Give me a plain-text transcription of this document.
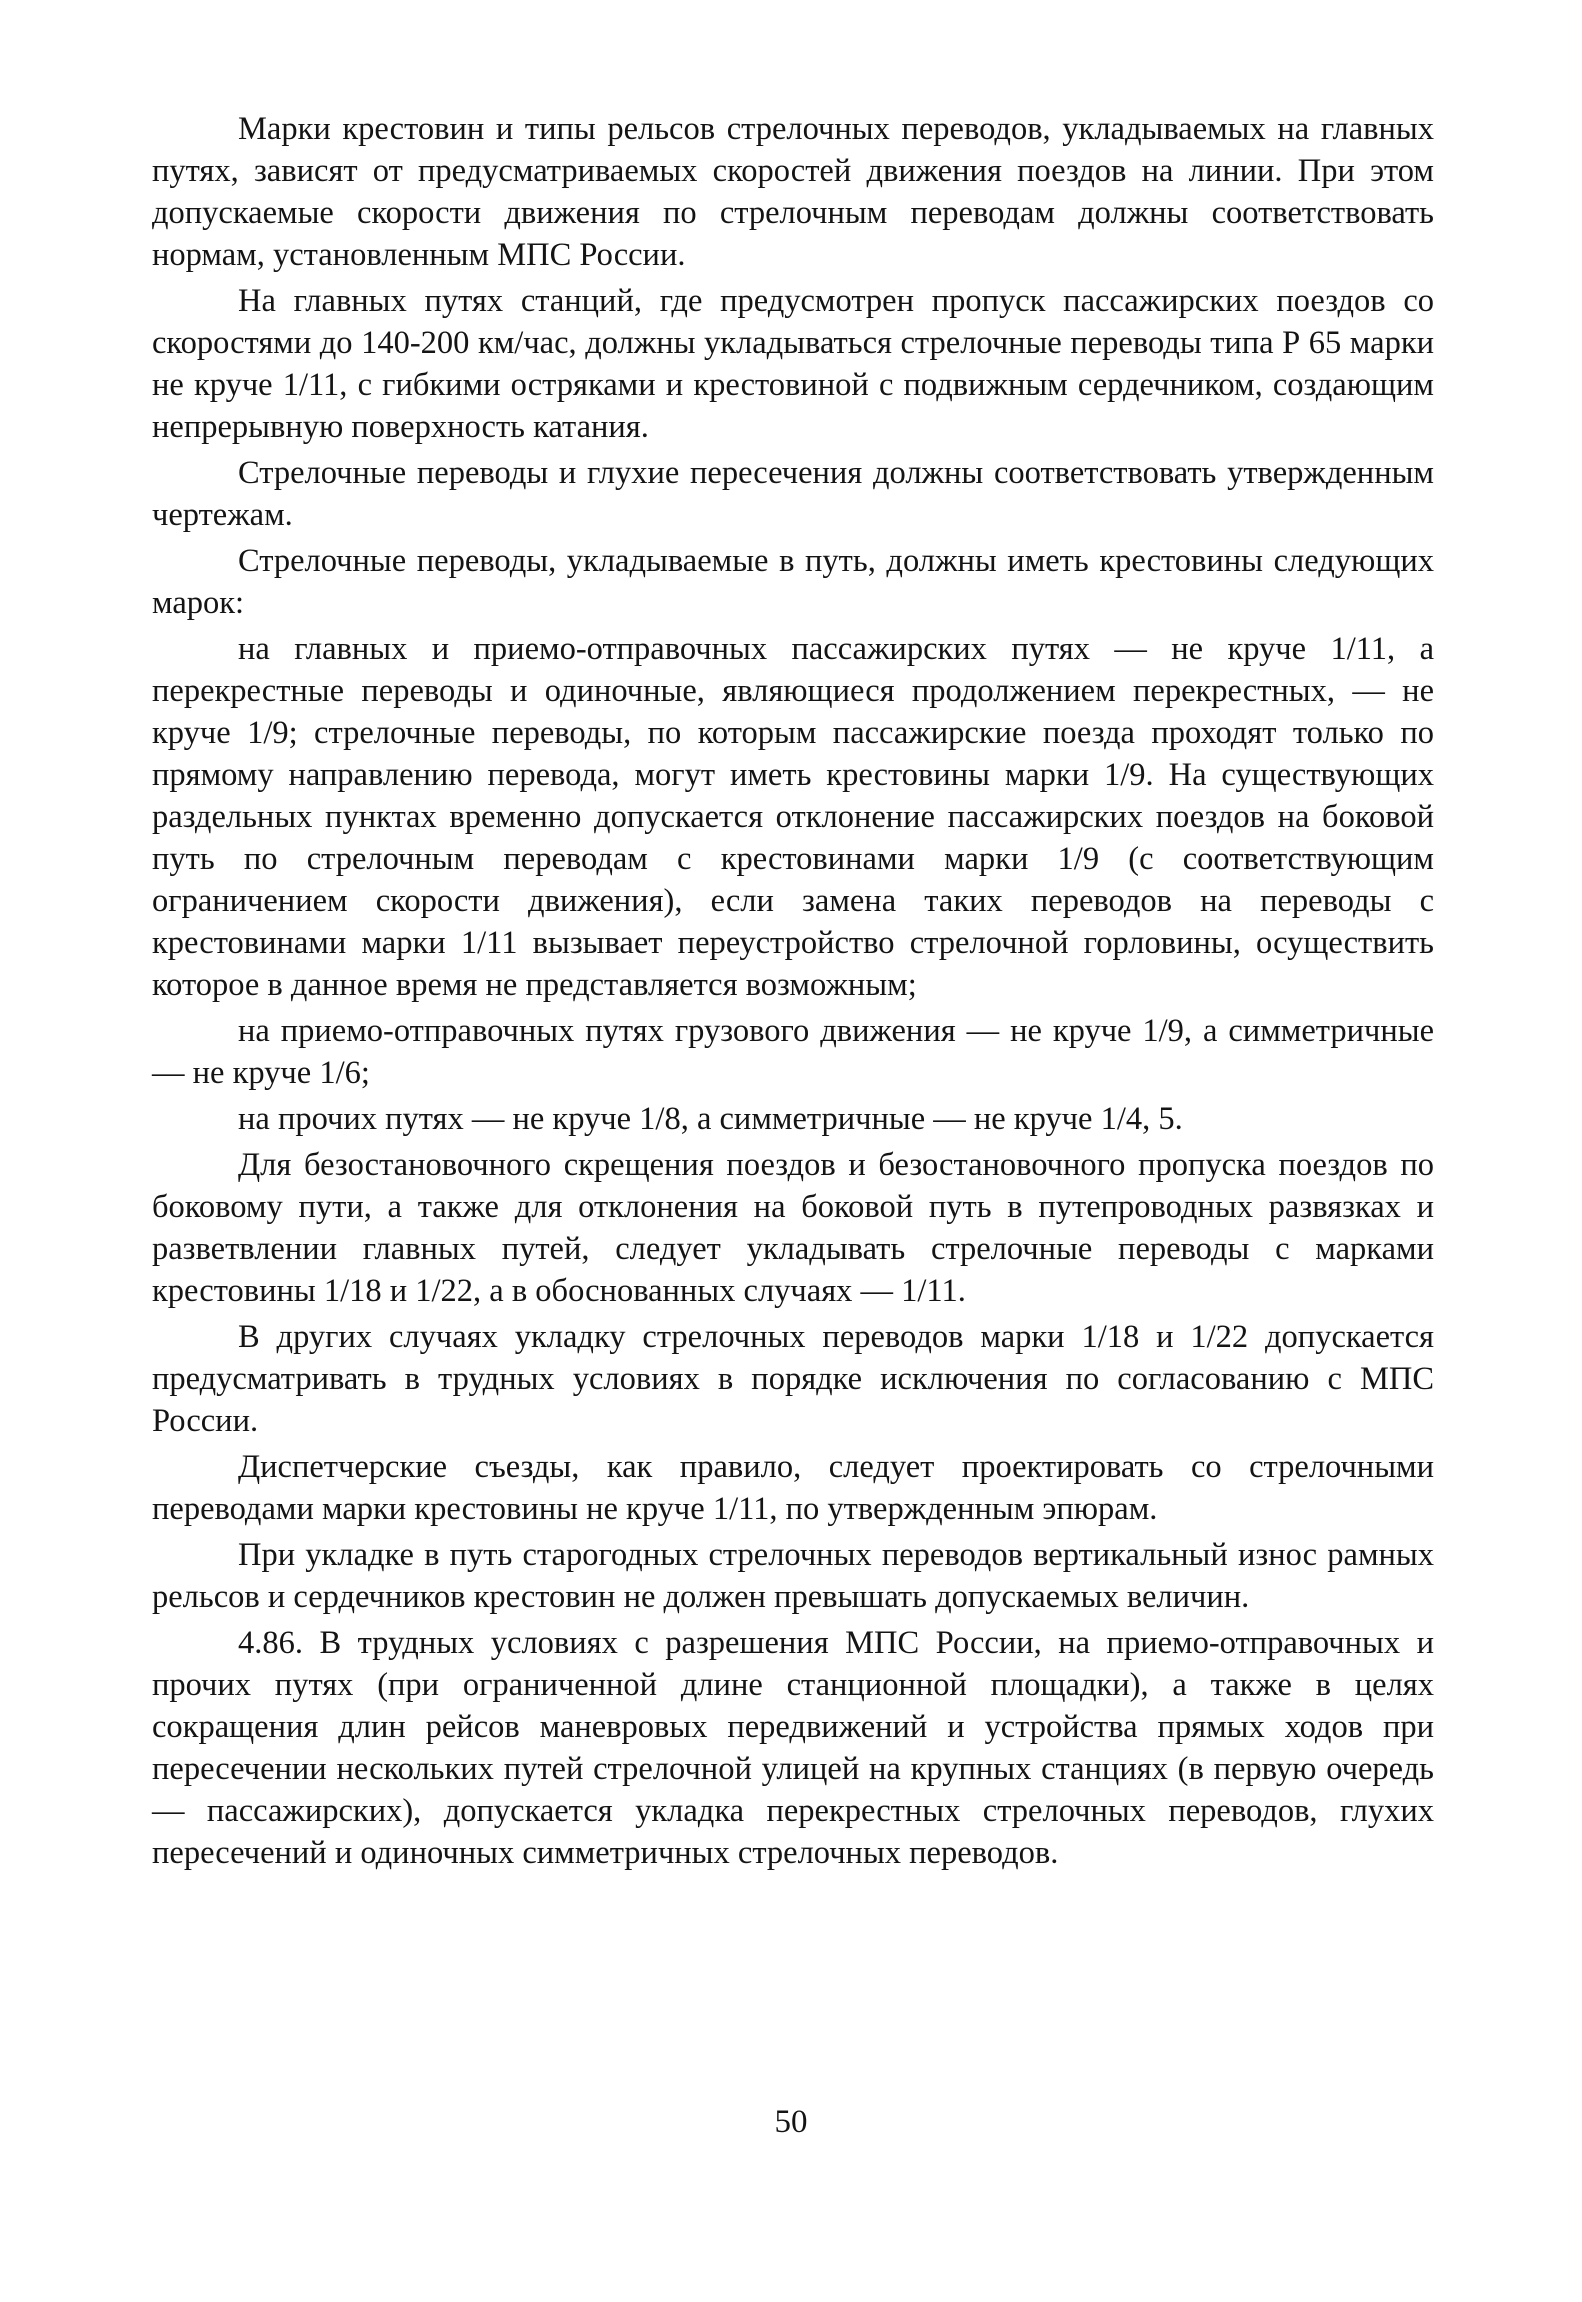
Марки крестовин и типы рельсов стрелочных переводов, укладываемых на главных путях, зависят от предусматриваемых скоростей движения поездов на линии. При этом допускаемые скорости движения по стрелочным переводам должны соответствовать нормам, установленным МПС России.

На главных путях станций, где предусмотрен пропуск пассажирских поездов со скоростями до 140-200 км/час, должны укладываться стрелочные переводы типа Р 65 марки не круче 1/11, с гибкими остряками и крестовиной с подвижным сердечником, создающим непрерывную поверхность катания.

Стрелочные переводы и глухие пересечения должны соответствовать утвержденным чертежам.

Стрелочные переводы, укладываемые в путь, должны иметь крестовины следующих марок:

на главных и приемо-отправочных пассажирских путях — не круче 1/11, а перекрестные переводы и одиночные, являющиеся продолжением перекрестных, — не круче 1/9; стрелочные переводы, по которым пассажирские поезда проходят только по прямому направлению перевода, могут иметь крестовины марки 1/9. На существующих раздельных пунктах временно допускается отклонение пассажирских поездов на боковой путь по стрелочным переводам с крестовинами марки 1/9 (с соответствующим ограничением скорости движения), если замена таких переводов на переводы с крестовинами марки 1/11 вызывает переустройство стрелочной горловины, осуществить которое в данное время не представляется возможным;

на приемо-отправочных путях грузового движения — не круче 1/9, а симметричные — не круче 1/6;

на прочих путях — не круче 1/8, а симметричные — не круче 1/4, 5.

Для безостановочного скрещения поездов и безостановочного пропуска поездов по боковому пути, а также для отклонения на боковой путь в путепроводных развязках и разветвлении главных путей, следует укладывать стрелочные переводы с марками крестовины 1/18 и 1/22, а в обоснованных случаях — 1/11.

В других случаях укладку стрелочных переводов марки 1/18 и 1/22 допускается предусматривать в трудных условиях в порядке исключения по согласованию с МПС России.

Диспетчерские съезды, как правило, следует проектировать со стрелочными переводами марки крестовины не круче 1/11, по утвержденным эпюрам.

При укладке в путь старогодных стрелочных переводов вертикальный износ рамных рельсов и сердечников крестовин не должен превышать допускаемых величин.

4.86. В трудных условиях с разрешения МПС России, на приемо-отправочных и прочих путях (при ограниченной длине станционной площадки), а также в целях сокращения длин рейсов маневровых передвижений и устройства прямых ходов при пересечении нескольких путей стрелочной улицей на крупных станциях (в первую очередь — пассажирских), допускается укладка перекрестных стрелочных переводов, глухих пересечений и одиночных симметричных стрелочных переводов.

50
